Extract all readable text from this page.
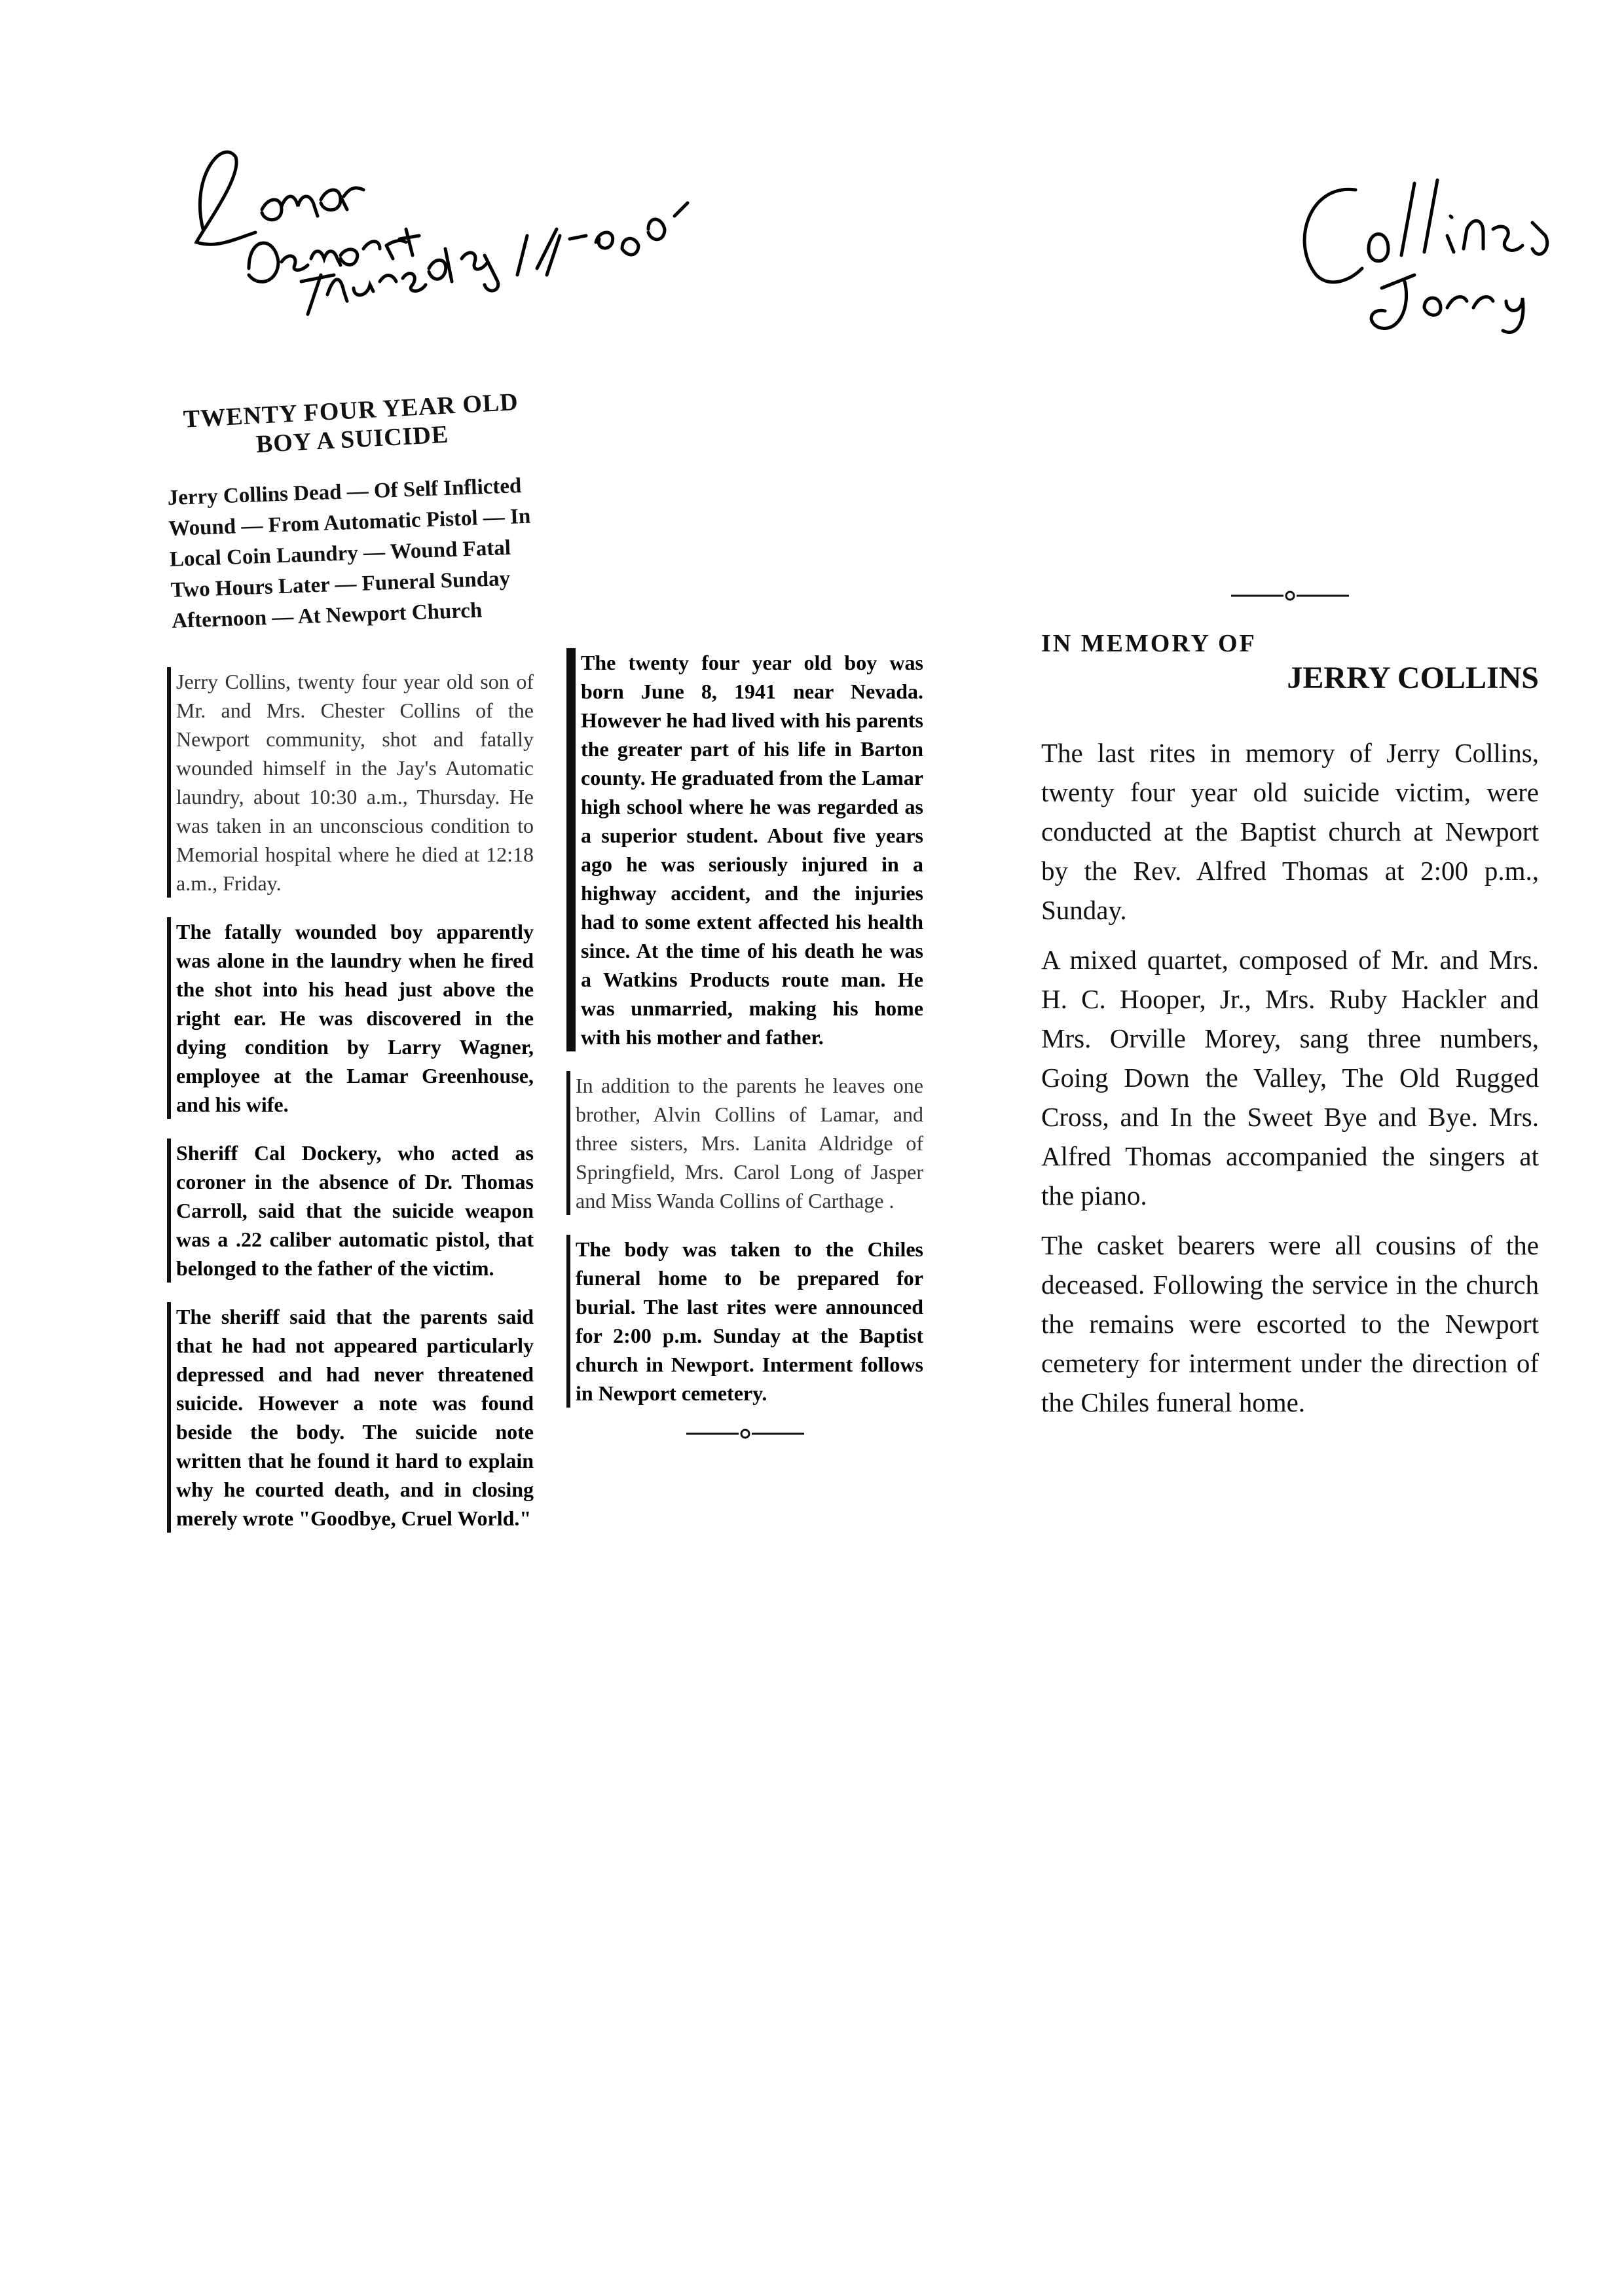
TWENTY FOUR YEAR OLD BOY A SUICIDE
Jerry Collins Dead — Of Self Inflicted Wound — From Automatic Pistol — In Local Coin Laundry — Wound Fatal Two Hours Later — Funeral Sunday Afternoon — At Newport Church

Jerry Collins, twenty four year old son of Mr. and Mrs. Chester Collins of the Newport community, shot and fatally wounded himself in the Jay's Automatic laundry, about 10:30 a.m., Thursday. He was taken in an unconscious condition to Memorial hospital where he died at 12:18 a.m., Friday.

The fatally wounded boy apparently was alone in the laundry when he fired the shot into his head just above the right ear. He was discovered in the dying condition by Larry Wagner, employee at the Lamar Greenhouse, and his wife.

Sheriff Cal Dockery, who acted as coroner in the absence of Dr. Thomas Carroll, said that the suicide weapon was a .22 caliber automatic pistol, that belonged to the father of the victim.

The sheriff said that the parents said that he had not appeared particularly depressed and had never threatened suicide. However a note was found beside the body. The suicide note written that he found it hard to explain why he courted death, and in closing merely wrote "Goodbye, Cruel World."

The twenty four year old boy was born June 8, 1941 near Nevada. However he had lived with his parents the greater part of his life in Barton county. He graduated from the Lamar high school where he was regarded as a superior student. About five years ago he was seriously injured in a highway accident, and the injuries had to some extent affected his health since. At the time of his death he was a Watkins Products route man. He was unmarried, making his home with his mother and father.

In addition to the parents he leaves one brother, Alvin Collins of Lamar, and three sisters, Mrs. Lanita Aldridge of Springfield, Mrs. Carol Long of Jasper and Miss Wanda Collins of Carthage .

The body was taken to the Chiles funeral home to be prepared for burial. The last rites were announced for 2:00 p.m. Sunday at the Baptist church in Newport. Interment follows in Newport cemetery.

IN MEMORY OF
JERRY COLLINS

The last rites in memory of Jerry Collins, twenty four year old suicide victim, were conducted at the Baptist church at Newport by the Rev. Alfred Thomas at 2:00 p.m., Sunday.

A mixed quartet, composed of Mr. and Mrs. H. C. Hooper, Jr., Mrs. Ruby Hackler and Mrs. Orville Morey, sang three numbers, Going Down the Valley, The Old Rugged Cross, and In the Sweet Bye and Bye. Mrs. Alfred Thomas accompanied the singers at the piano.

The casket bearers were all cousins of the deceased. Following the service in the church the remains were escorted to the Newport cemetery for interment under the direction of the Chiles funeral home.
